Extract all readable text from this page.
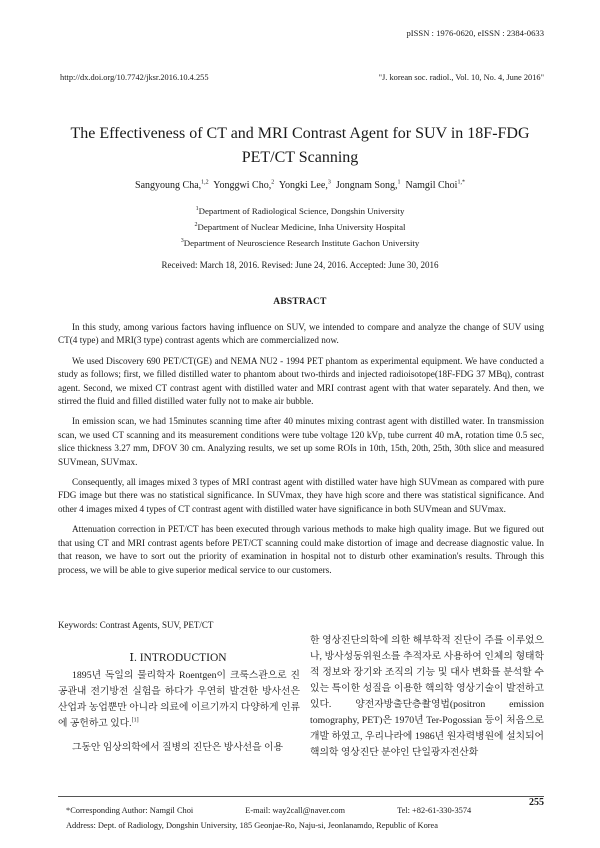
pISSN : 1976-0620, eISSN : 2384-0633
http://dx.doi.org/10.7742/jksr.2016.10.4.255	"J. korean soc. radiol., Vol. 10, No. 4, June 2016"
The Effectiveness of CT and MRI Contrast Agent for SUV in 18F-FDG
PET/CT Scanning
Sangyoung Cha,$^{1,2}$ Yonggwi Cho,$^2$ Yongki Lee,$^3$ Jongnam Song,$^1$ Namgil Choi$^{1,*}$
$^1$Department of Radiological Science, Dongshin University
$^2$Department of Nuclear Medicine, Inha University Hospital
$^3$Department of Neuroscience Research Institute Gachon University
Received: March 18, 2016. Revised: June 24, 2016. Accepted: June 30, 2016
ABSTRACT

In this study, among various factors having influence on SUV, we intended to compare and analyze the change of SUV using CT(4 type) and MRI(3 type) contrast agents which are commercialized now.

We used Discovery 690 PET/CT(GE) and NEMA NU2 - 1994 PET phantom as experimental equipment. We have conducted a study as follows; first, we filled distilled water to phantom about two-thirds and injected radioisotope(18F-FDG 37 MBq), contrast agent. Second, we mixed CT contrast agent with distilled water and MRI contrast agent with that water separately. And then, we stirred the fluid and filled distilled water fully not to make air bubble.

In emission scan, we had 15minutes scanning time after 40 minutes mixing contrast agent with distilled water. In transmission scan, we used CT scanning and its measurement conditions were tube voltage 120 kVp, tube current 40 mA, rotation time 0.5 sec, slice thickness 3.27 mm, DFOV 30 cm. Analyzing results, we set up some ROIs in 10th, 15th, 20th, 25th, 30th slice and measured SUVmean, SUVmax.

Consequently, all images mixed 3 types of MRI contrast agent with distilled water have high SUVmean as compared with pure FDG image but there was no statistical significance. In SUVmax, they have high score and there was statistical significance. And other 4 images mixed 4 types of CT contrast agent with distilled water have significance in both SUVmean and SUVmax.

Attenuation correction in PET/CT has been executed through various methods to make high quality image. But we figured out that using CT and MRI contrast agents before PET/CT scanning could make distortion of image and decrease diagnostic value. In that reason, we have to sort out the priority of examination in hospital not to disturb other examination's results. Through this process, we will be able to give superior medical service to our customers.

Keywords: Contrast Agents, SUV, PET/CT
Ⅰ. INTRODUCTION

1895년 독일의 물리학자 Roentgen이 크룩스관으로 진공관내 전기방전 실험을 하다가 우연히 발견한 방사선은 산업과 농업뿐만 아니라 의료에 이르기까지 다양하게 인류에 공헌하고 있다.[1]

그동안 임상의학에서 질병의 진단은 방사선을 이용

한 영상진단의학에 의한 해부학적 진단이 주를 이루었으나, 방사성동위원소를 추적자로 사용하여 인체의 형태학적 정보와 장기와 조직의 기능 및 대사 변화를 분석할 수 있는 특이한 성질을 이용한 핵의학 영상기술이 발전하고 있다. 양전자방출단층촬영법(positron emission tomography, PET)은 1970년 Ter-Pogossian 등이 처음으로 개발 하였고, 우리나라에 1986년 원자력병원에 설치되어 핵의학 영상진단 분야인 단일광자전산화

255
*Corresponding Author: Namgil Choi	E-mail: way2call@naver.com	Tel: +82-61-330-3574
Address: Dept. of Radiology, Dongshin University, 185 Geonjae-Ro, Naju-si, Jeonlanamdo, Republic of Korea
